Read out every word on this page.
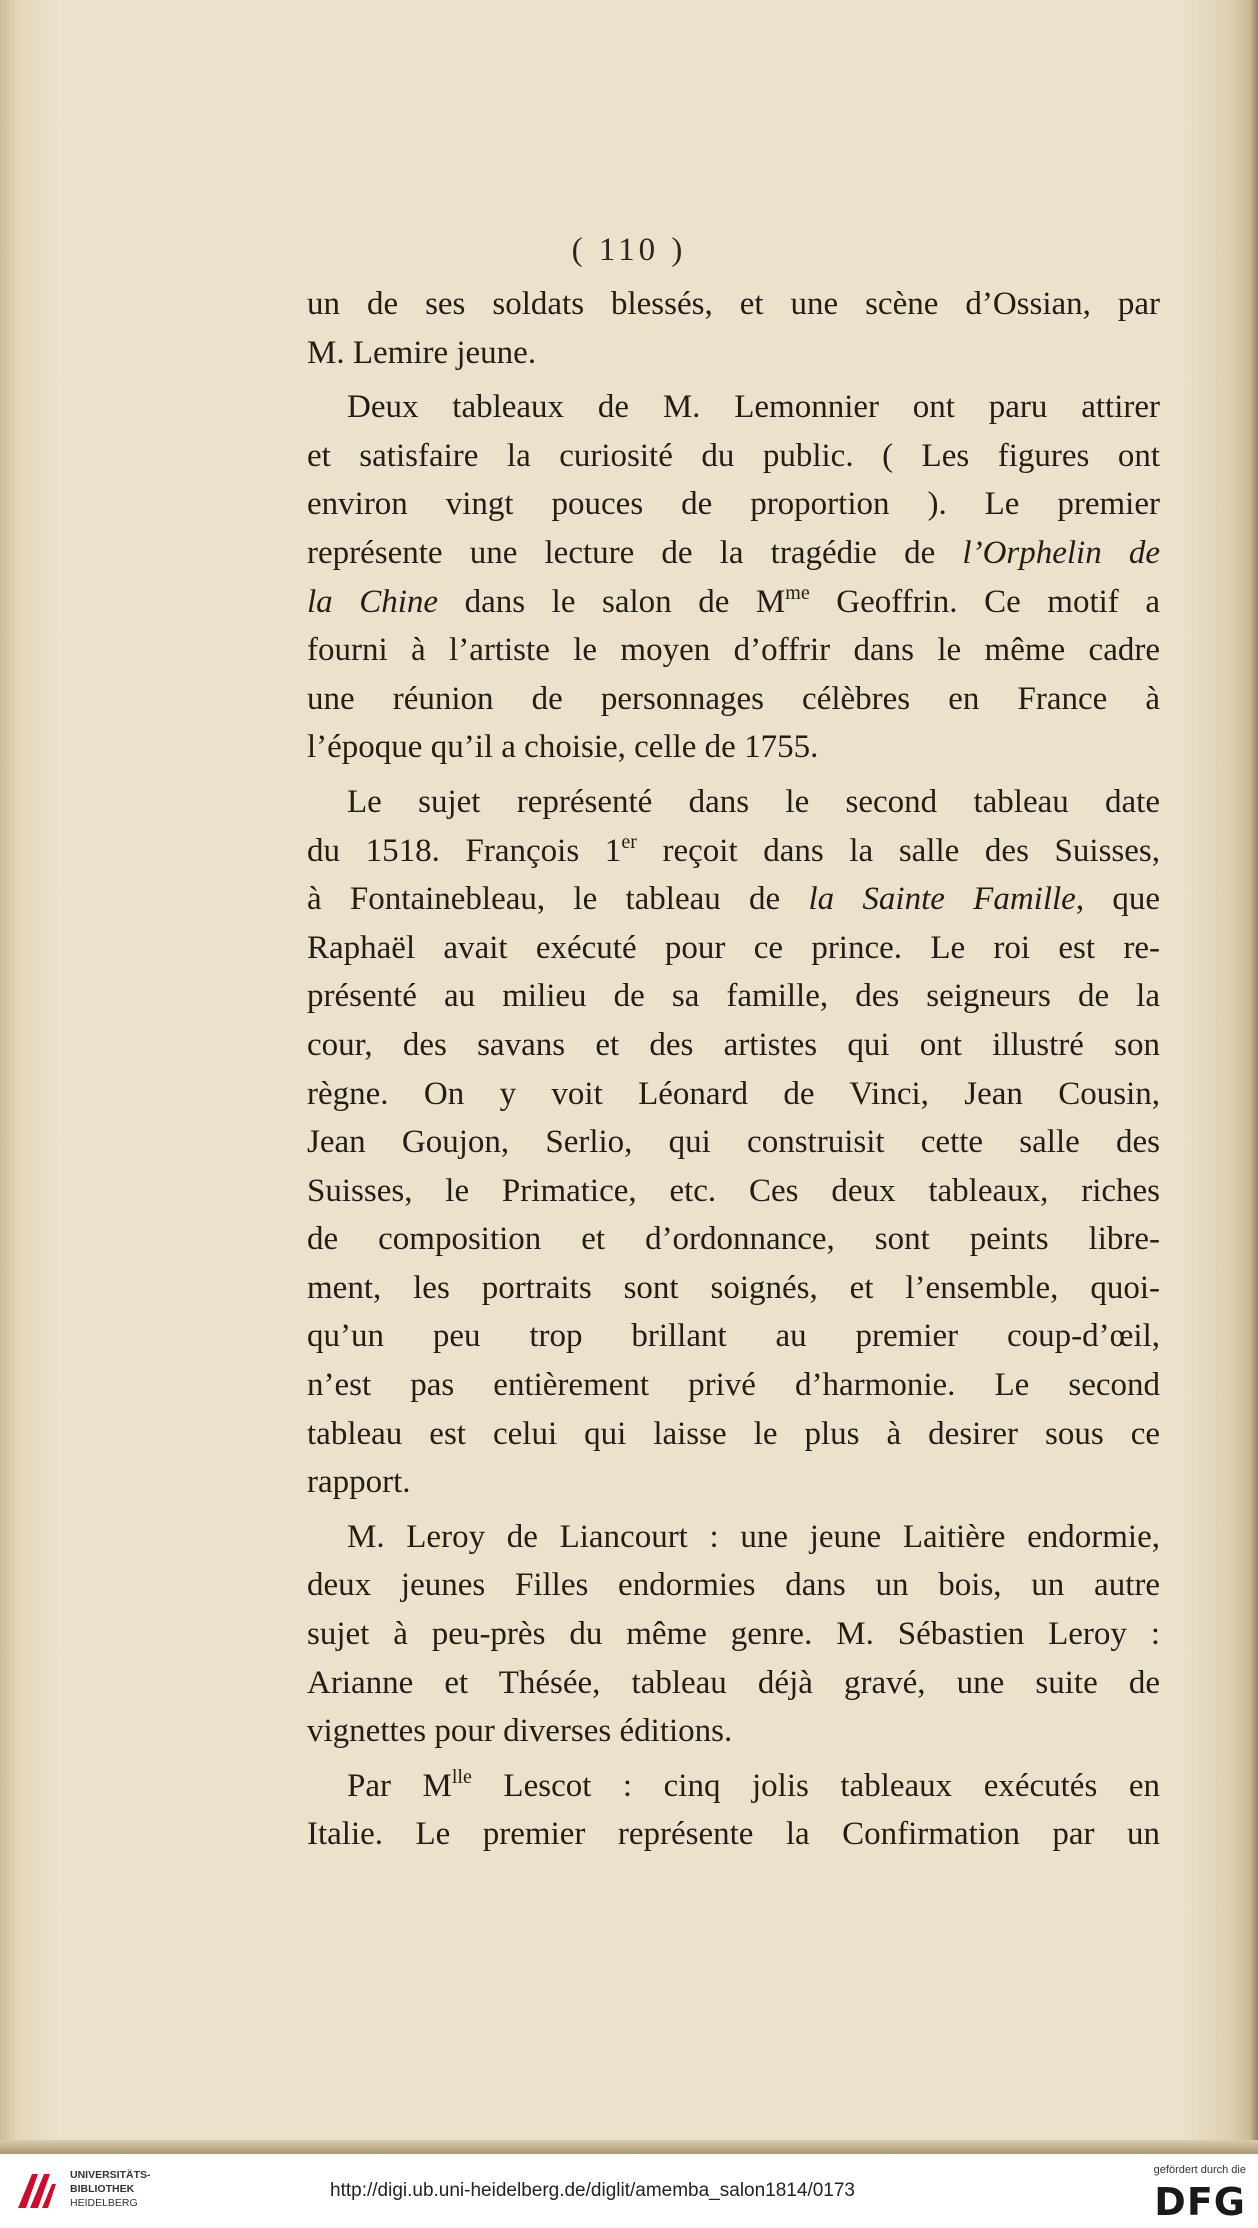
( 110 )
un de ses soldats blessés, et une scène d’Ossian, par
M. Lemire jeune.
Deux tableaux de M. Lemonnier ont paru attirer
et satisfaire la curiosité du public. ( Les figures ont
environ vingt pouces de proportion ). Le premier
représente une lecture de la tragédie de l’Orphelin de
la Chine dans le salon de $M^{me}$ Geoffrin. Ce motif a
fourni à l’artiste le moyen d’offrir dans le même cadre
une réunion de personnages célèbres en France à
l’époque qu’il a choisie, celle de 1755.
Le sujet représenté dans le second tableau date
du 1518. François 1er reçoit dans la salle des Suisses,
à Fontainebleau, le tableau de la Sainte Famille, que
Raphaël avait exécuté pour ce prince. Le roi est re-
présenté au milieu de sa famille, des seigneurs de la
cour, des savans et des artistes qui ont illustré son
règne. On y voit Léonard de Vinci, Jean Cousin,
Jean Goujon, Serlio, qui construisit cette salle des
Suisses, le Primatice, etc. Ces deux tableaux, riches
de composition et d’ordonnance, sont peints libre-
ment, les portraits sont soignés, et l’ensemble, quoi-
qu’un peu trop brillant au premier coup-d’œil,
n’est pas entièrement privé d’harmonie. Le second
tableau est celui qui laisse le plus à desirer sous ce
rapport.
M. Leroy de Liancourt : une jeune Laitière endormie,
deux jeunes Filles endormies dans un bois, un autre
sujet à peu-près du même genre. M. Sébastien Leroy :
Arianne et Thésée, tableau déjà gravé, une suite de
vignettes pour diverses éditions.
Par $M^{lle}$ Lescot : cinq jolis tableaux exécutés en
Italie. Le premier représente la Confirmation par un
UNIVERSITÄTS-
BIBLIOTHEK
HEIDELBERG
http://digi.ub.uni-heidelberg.de/diglit/amemba_salon1814/0173
gefördert durch die
DFG
